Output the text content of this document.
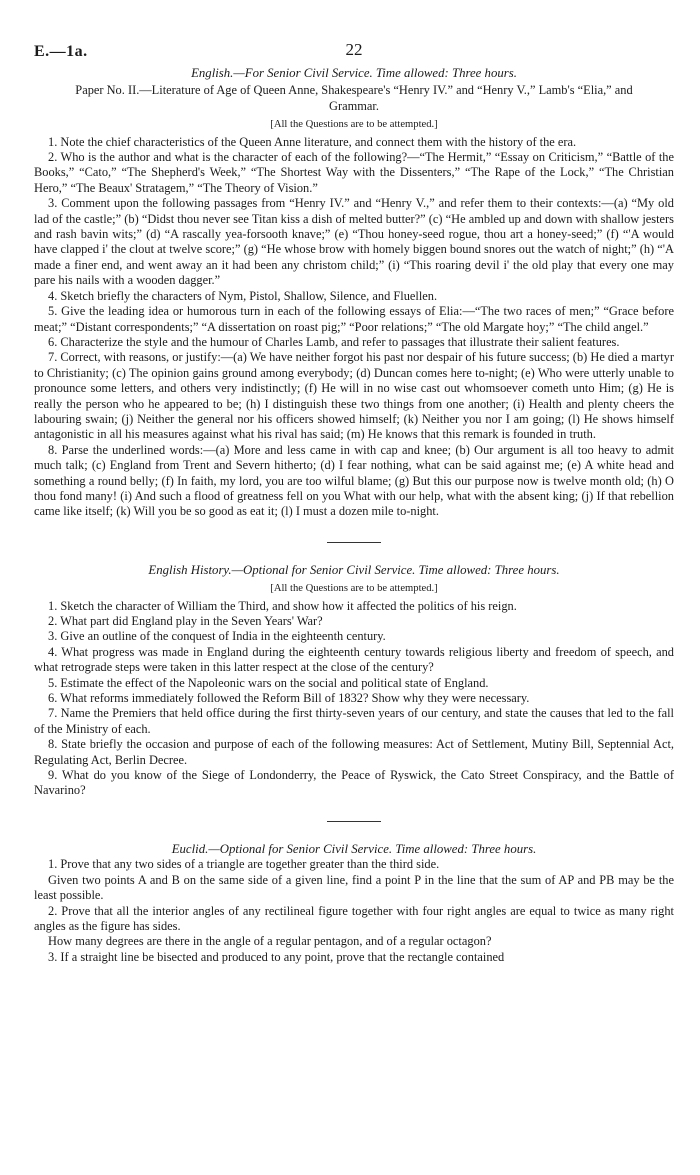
E.—1a.	22

English.—For Senior Civil Service. Time allowed: Three hours.

Paper No. II.—Literature of Age of Queen Anne, Shakespeare's “Henry IV.” and “Henry V.,” Lamb's “Elia,” and Grammar.

[All the Questions are to be attempted.]

1. Note the chief characteristics of the Queen Anne literature, and connect them with the history of the era.

2. Who is the author and what is the character of each of the following?—“The Hermit,” “Essay on Criticism,” “Battle of the Books,” “Cato,” “The Shepherd's Week,” “The Shortest Way with the Dissenters,” “The Rape of the Lock,” “The Christian Hero,” “The Beaux' Stratagem,” “The Theory of Vision.”

3. Comment upon the following passages from “Henry IV.” and “Henry V.,” and refer them to their contexts:—(a) “My old lad of the castle;” (b) “Didst thou never see Titan kiss a dish of melted butter?” (c) “He ambled up and down with shallow jesters and rash bavin wits;” (d) “A rascally yea-forsooth knave;” (e) “Thou honey-seed rogue, thou art a honey-seed;” (f) “'A would have clapped i' the clout at twelve score;” (g) “He whose brow with homely biggen bound snores out the watch of night;” (h) “'A made a finer end, and went away an it had been any christom child;” (i) “This roaring devil i' the old play that every one may pare his nails with a wooden dagger.”

4. Sketch briefly the characters of Nym, Pistol, Shallow, Silence, and Fluellen.

5. Give the leading idea or humorous turn in each of the following essays of Elia:—“The two races of men;” “Grace before meat;” “Distant correspondents;” “A dissertation on roast pig;” “Poor relations;” “The old Margate hoy;” “The child angel.”

6. Characterize the style and the humour of Charles Lamb, and refer to passages that illustrate their salient features.

7. Correct, with reasons, or justify:—(a) We have neither forgot his past nor despair of his future success; (b) He died a martyr to Christianity; (c) The opinion gains ground among everybody; (d) Duncan comes here to-night; (e) Who were utterly unable to pronounce some letters, and others very indistinctly; (f) He will in no wise cast out whomsoever cometh unto Him; (g) He is really the person who he appeared to be; (h) I distinguish these two things from one another; (i) Health and plenty cheers the labouring swain; (j) Neither the general nor his officers showed himself; (k) Neither you nor I am going; (l) He shows himself antagonistic in all his measures against what his rival has said; (m) He knows that this remark is founded in truth.

8. Parse the underlined words:—(a) More and less came in with cap and knee; (b) Our argument is all too heavy to admit much talk; (c) England from Trent and Severn hitherto; (d) I fear nothing, what can be said against me; (e) A white head and something a round belly; (f) In faith, my lord, you are too wilful blame; (g) But this our purpose now is twelve month old; (h) O thou fond many! (i) And such a flood of greatness fell on you What with our help, what with the absent king; (j) If that rebellion came like itself; (k) Will you be so good as eat it; (l) I must a dozen mile to-night.

English History.—Optional for Senior Civil Service. Time allowed: Three hours.

[All the Questions are to be attempted.]

1. Sketch the character of William the Third, and show how it affected the politics of his reign.

2. What part did England play in the Seven Years' War?

3. Give an outline of the conquest of India in the eighteenth century.

4. What progress was made in England during the eighteenth century towards religious liberty and freedom of speech, and what retrograde steps were taken in this latter respect at the close of the century?

5. Estimate the effect of the Napoleonic wars on the social and political state of England.

6. What reforms immediately followed the Reform Bill of 1832? Show why they were necessary.

7. Name the Premiers that held office during the first thirty-seven years of our century, and state the causes that led to the fall of the Ministry of each.

8. State briefly the occasion and purpose of each of the following measures: Act of Settlement, Mutiny Bill, Septennial Act, Regulating Act, Berlin Decree.

9. What do you know of the Siege of Londonderry, the Peace of Ryswick, the Cato Street Conspiracy, and the Battle of Navarino?

Euclid.—Optional for Senior Civil Service. Time allowed: Three hours.

1. Prove that any two sides of a triangle are together greater than the third side.

Given two points A and B on the same side of a given line, find a point P in the line that the sum of AP and PB may be the least possible.

2. Prove that all the interior angles of any rectilineal figure together with four right angles are equal to twice as many right angles as the figure has sides.

How many degrees are there in the angle of a regular pentagon, and of a regular octagon?

3. If a straight line be bisected and produced to any point, prove that the rectangle contained
